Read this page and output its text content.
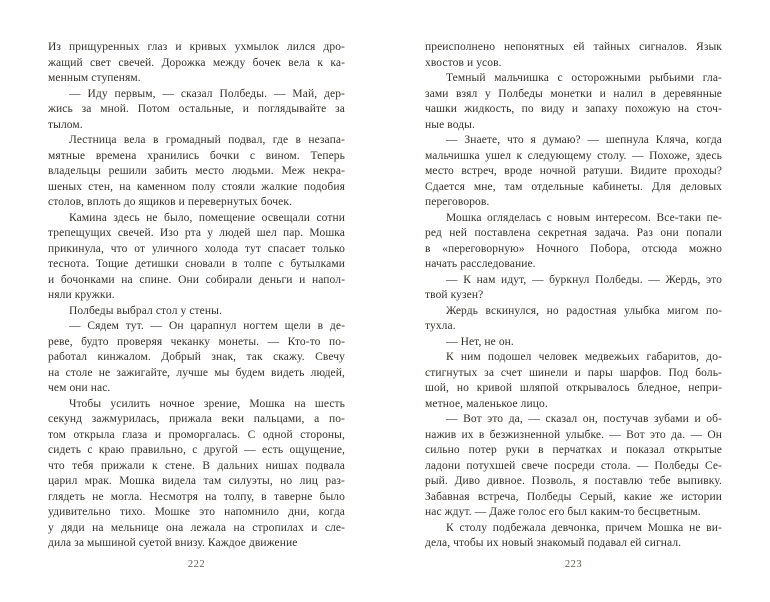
Из прищуренных глаз и кривых ухмылок лился дро-
жащий свет свечей. Дорожка между бочек вела к ка-
менным ступеням.
— Иду первым, — сказал Полбеды. — Май, дер-
жись за мной. Потом остальные, и поглядывайте за
тылом.
Лестница вела в громадный подвал, где в незапа-
мятные времена хранились бочки с вином. Теперь
владельцы решили забить место людьми. Меж некра-
шеных стен, на каменном полу стояли жалкие подобия
столов, вплоть до ящиков и перевернутых бочек.
Камина здесь не было, помещение освещали сотни
трепещущих свечей. Изо рта у людей шел пар. Мошка
прикинула, что от уличного холода тут спасает только
теснота. Тощие детишки сновали в толпе с бутылками
и бочонками на спине. Они собирали деньги и напол-
няли кружки.
Полбеды выбрал стол у стены.
— Сядем тут. — Он царапнул ногтем щели в де-
реве, будто проверяя чеканку монеты. — Кто-то по-
работал кинжалом. Добрый знак, так скажу. Свечу
на столе не зажигайте, лучше мы будем видеть людей,
чем они нас.
Чтобы усилить ночное зрение, Мошка на шесть
секунд зажмурилась, прижала веки пальцами, а по-
том открыла глаза и проморгалась. С одной стороны,
сидеть с краю правильно, с другой — есть ощущение,
что тебя прижали к стене. В дальних нишах подвала
царил мрак. Мошка видела там силуэты, но лиц раз-
глядеть не могла. Несмотря на толпу, в таверне было
удивительно тихо. Мошке это напомнило дни, когда
у дяди на мельнице она лежала на стропилах и сле-
дила за мышиной суетой внизу. Каждое движение
222
преисполнено непонятных ей тайных сигналов. Язык
хвостов и усов.
Темный мальчишка с осторожными рыбьими гла-
зами взял у Полбеды монетки и налил в деревянные
чашки жидкость, по виду и запаху похожую на сточ-
ные воды.
— Знаете, что я думаю? — шепнула Кляча, когда
мальчишка ушел к следующему столу. — Похоже, здесь
место встреч, вроде ночной ратуши. Видите проходы?
Сдается мне, там отдельные кабинеты. Для деловых
переговоров.
Мошка огляделась с новым интересом. Все-таки пе-
ред ней поставлена секретная задача. Раз они попали
в «переговорную» Ночного Побора, отсюда можно
начать расследование.
— К нам идут, — буркнул Полбеды. — Жердь, это
твой кузен?
Жердь вскинулся, но радостная улыбка мигом по-
тухла.
— Нет, не он.
К ним подошел человек медвежьих габаритов, до-
стигнутых за счет шинели и пары шарфов. Под боль-
шой, но кривой шляпой открывалось бледное, непри-
метное, маленькое лицо.
— Вот это да, — сказал он, постучав зубами и об-
нажив их в безжизненной улыбке. — Вот это да. — Он
сильно потер руки в перчатках и показал открытые
ладони потухшей свече посреди стола. — Полбеды Се-
рый. Диво дивное. Позволь, я поставлю тебе выпивку.
Забавная встреча, Полбеды Серый, какие же истории
нас ждут. — Даже голос его был каким-то бесцветным.
К столу подбежала девчонка, причем Мошка не ви-
дела, чтобы их новый знакомый подавал ей сигнал.
223
